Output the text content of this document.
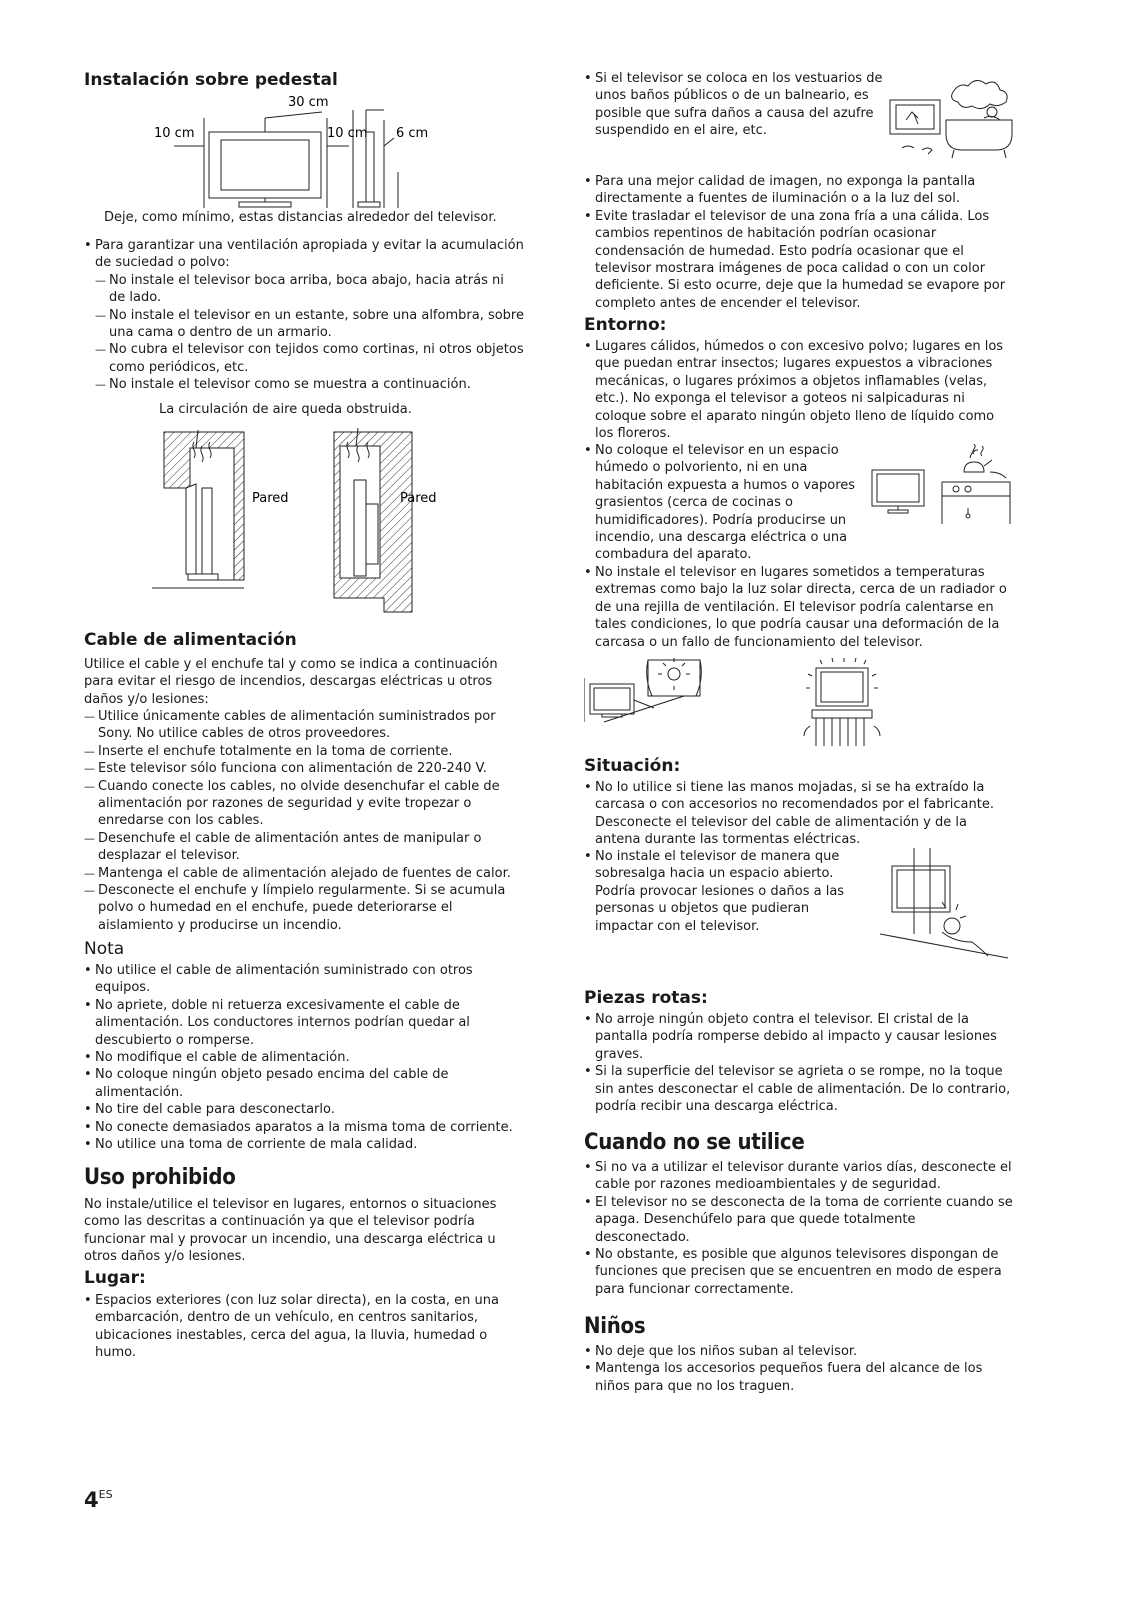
Instalación sobre pedestal
30 cm
10 cm	10 cm 6 cm

Deje, como mínimo, estas distancias alrededor del televisor.

• Para garantizar una ventilación apropiada y evitar la acumulación de suciedad o polvo:
— No instale el televisor boca arriba, boca abajo, hacia atrás ni de lado.
— No instale el televisor en un estante, sobre una alfombra, sobre una cama o dentro de un armario.
— No cubra el televisor con tejidos como cortinas, ni otros objetos como periódicos, etc.
— No instale el televisor como se muestra a continuación.

La circulación de aire queda obstruida.

Pared	Pared
Cable de alimentación

Utilice el cable y el enchufe tal y como se indica a continuación para evitar el riesgo de incendios, descargas eléctricas u otros daños y/o lesiones:

— Utilice únicamente cables de alimentación suministrados por Sony. No utilice cables de otros proveedores.
— Inserte el enchufe totalmente en la toma de corriente.
— Este televisor sólo funciona con alimentación de 220-240 V.
— Cuando conecte los cables, no olvide desenchufar el cable de alimentación por razones de seguridad y evite tropezar o enredarse con los cables.
— Desenchufe el cable de alimentación antes de manipular o desplazar el televisor.
— Mantenga el cable de alimentación alejado de fuentes de calor.
— Desconecte el enchufe y límpielo regularmente. Si se acumula polvo o humedad en el enchufe, puede deteriorarse el aislamiento y producirse un incendio.
Nota
• No utilice el cable de alimentación suministrado con otros equipos.
• No apriete, doble ni retuerza excesivamente el cable de alimentación. Los conductores internos podrían quedar al descubierto o romperse.
• No modifique el cable de alimentación.
• No coloque ningún objeto pesado encima del cable de alimentación.
• No tire del cable para desconectarlo.
• No conecte demasiados aparatos a la misma toma de corriente.
• No utilice una toma de corriente de mala calidad.
Uso prohibido

No instale/utilice el televisor en lugares, entornos o situaciones como las descritas a continuación ya que el televisor podría funcionar mal y provocar un incendio, una descarga eléctrica u otros daños y/o lesiones.

Lugar:
• Espacios exteriores (con luz solar directa), en la costa, en una embarcación, dentro de un vehículo, en centros sanitarios, ubicaciones inestables, cerca del agua, la lluvia, humedad o humo.
• Si el televisor se coloca en los vestuarios de unos baños públicos o de un balneario, es posible que sufra daños a causa del azufre suspendido en el aire, etc.
• Para una mejor calidad de imagen, no exponga la pantalla directamente a fuentes de iluminación o a la luz del sol.
• Evite trasladar el televisor de una zona fría a una cálida. Los cambios repentinos de habitación podrían ocasionar condensación de humedad. Esto podría ocasionar que el televisor mostrara imágenes de poca calidad o con un color deficiente. Si esto ocurre, deje que la humedad se evapore por completo antes de encender el televisor.
Entorno:
• Lugares cálidos, húmedos o con excesivo polvo; lugares en los que puedan entrar insectos; lugares expuestos a vibraciones mecánicas, o lugares próximos a objetos inflamables (velas, etc.). No exponga el televisor a goteos ni salpicaduras ni coloque sobre el aparato ningún objeto lleno de líquido como los floreros.
• No coloque el televisor en un espacio húmedo o polvoriento, ni en una habitación expuesta a humos o vapores grasientos (cerca de cocinas o humidificadores). Podría producirse un incendio, una descarga eléctrica o una combadura del aparato.
• No instale el televisor en lugares sometidos a temperaturas extremas como bajo la luz solar directa, cerca de un radiador o de una rejilla de ventilación. El televisor podría calentarse en tales condiciones, lo que podría causar una deformación de la carcasa o un fallo de funcionamiento del televisor.
Situación:
• No lo utilice si tiene las manos mojadas, si se ha extraído la carcasa o con accesorios no recomendados por el fabricante. Desconecte el televisor del cable de alimentación y de la antena durante las tormentas eléctricas.
• No instale el televisor de manera que sobresalga hacia un espacio abierto. Podría provocar lesiones o daños a las personas u objetos que pudieran impactar con el televisor.
Piezas rotas:
• No arroje ningún objeto contra el televisor. El cristal de la pantalla podría romperse debido al impacto y causar lesiones graves.
• Si la superficie del televisor se agrieta o se rompe, no la toque sin antes desconectar el cable de alimentación. De lo contrario, podría recibir una descarga eléctrica.
Cuando no se utilice
• Si no va a utilizar el televisor durante varios días, desconecte el cable por razones medioambientales y de seguridad.
• El televisor no se desconecta de la toma de corriente cuando se apaga. Desenchúfelo para que quede totalmente desconectado.
• No obstante, es posible que algunos televisores dispongan de funciones que precisen que se encuentren en modo de espera para funcionar correctamente.
Niños
• No deje que los niños suban al televisor.
• Mantenga los accesorios pequeños fuera del alcance de los niños para que no los traguen.
$4^{ES}$
